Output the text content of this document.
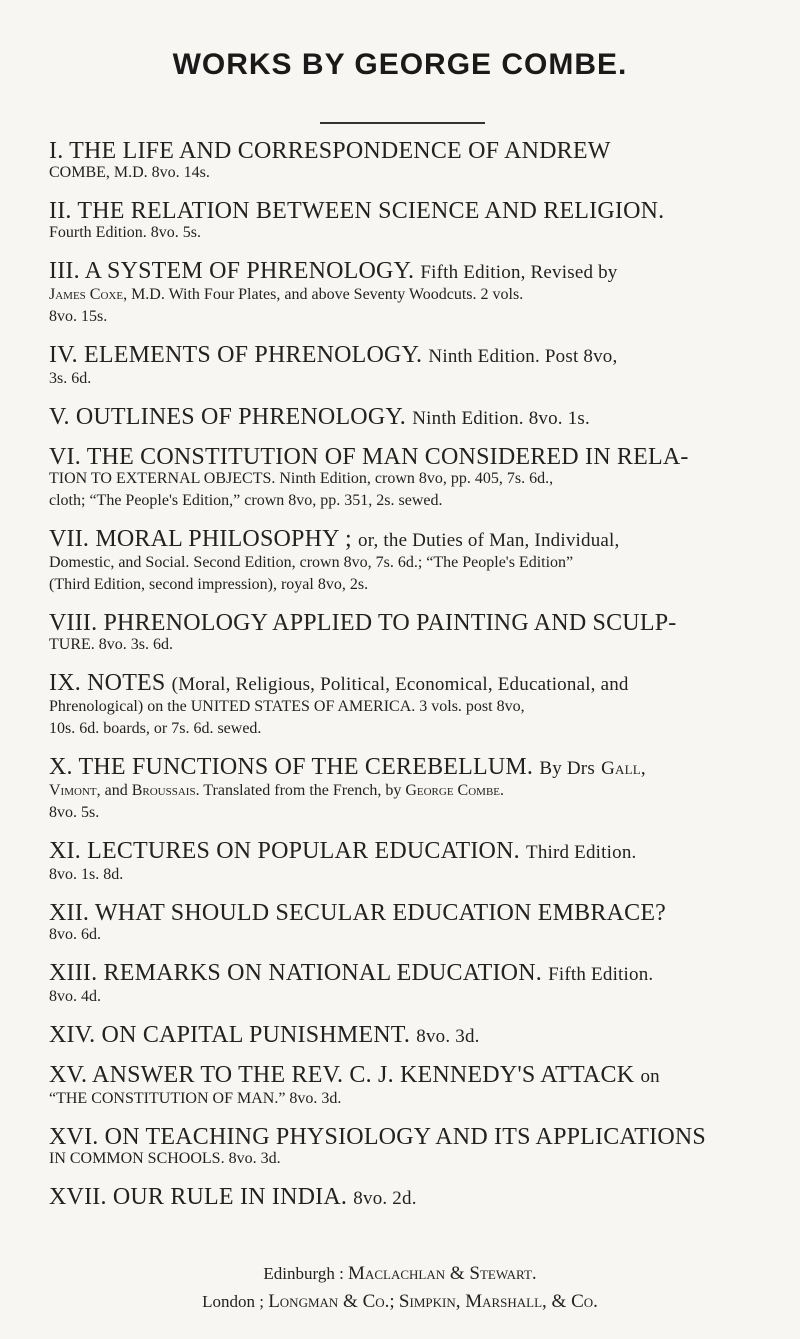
WORKS BY GEORGE COMBE.

I. THE LIFE AND CORRESPONDENCE OF ANDREW

COMBE, M.D. 8vo. 14s.

II. THE RELATION BETWEEN SCIENCE AND RELIGION.

Fourth Edition. 8vo. 5s.

III. A SYSTEM OF PHRENOLOGY. Fifth Edition, Revised by

James Coxe, M.D. With Four Plates, and above Seventy Woodcuts. 2 vols.

8vo. 15s.

IV. ELEMENTS OF PHRENOLOGY. Ninth Edition. Post 8vo,

3s. 6d.

V. OUTLINES OF PHRENOLOGY. Ninth Edition. 8vo. 1s.

VI. THE CONSTITUTION OF MAN CONSIDERED IN RELA-

TION TO EXTERNAL OBJECTS. Ninth Edition, crown 8vo, pp. 405, 7s. 6d.,

cloth; “The People's Edition,” crown 8vo, pp. 351, 2s. sewed.

VII. MORAL PHILOSOPHY ; or, the Duties of Man, Individual,

Domestic, and Social. Second Edition, crown 8vo, 7s. 6d.; “The People's Edition”

(Third Edition, second impression), royal 8vo, 2s.

VIII. PHRENOLOGY APPLIED TO PAINTING AND SCULP-

TURE. 8vo. 3s. 6d.

IX. NOTES (Moral, Religious, Political, Economical, Educational, and

Phrenological) on the UNITED STATES OF AMERICA. 3 vols. post 8vo,

10s. 6d. boards, or 7s. 6d. sewed.

X. THE FUNCTIONS OF THE CEREBELLUM. By Drs Gall,

Vimont, and Broussais. Translated from the French, by George Combe.

8vo. 5s.

XI. LECTURES ON POPULAR EDUCATION. Third Edition.

8vo. 1s. 8d.

XII. WHAT SHOULD SECULAR EDUCATION EMBRACE?

8vo. 6d.

XIII. REMARKS ON NATIONAL EDUCATION. Fifth Edition.

8vo. 4d.

XIV. ON CAPITAL PUNISHMENT. 8vo. 3d.

XV. ANSWER TO THE REV. C. J. KENNEDY'S ATTACK on

“THE CONSTITUTION OF MAN.” 8vo. 3d.

XVI. ON TEACHING PHYSIOLOGY AND ITS APPLICATIONS

IN COMMON SCHOOLS. 8vo. 3d.

XVII. OUR RULE IN INDIA. 8vo. 2d.

Edinburgh : Maclachlan & Stewart.
London ; Longman & Co.; Simpkin, Marshall, & Co.
